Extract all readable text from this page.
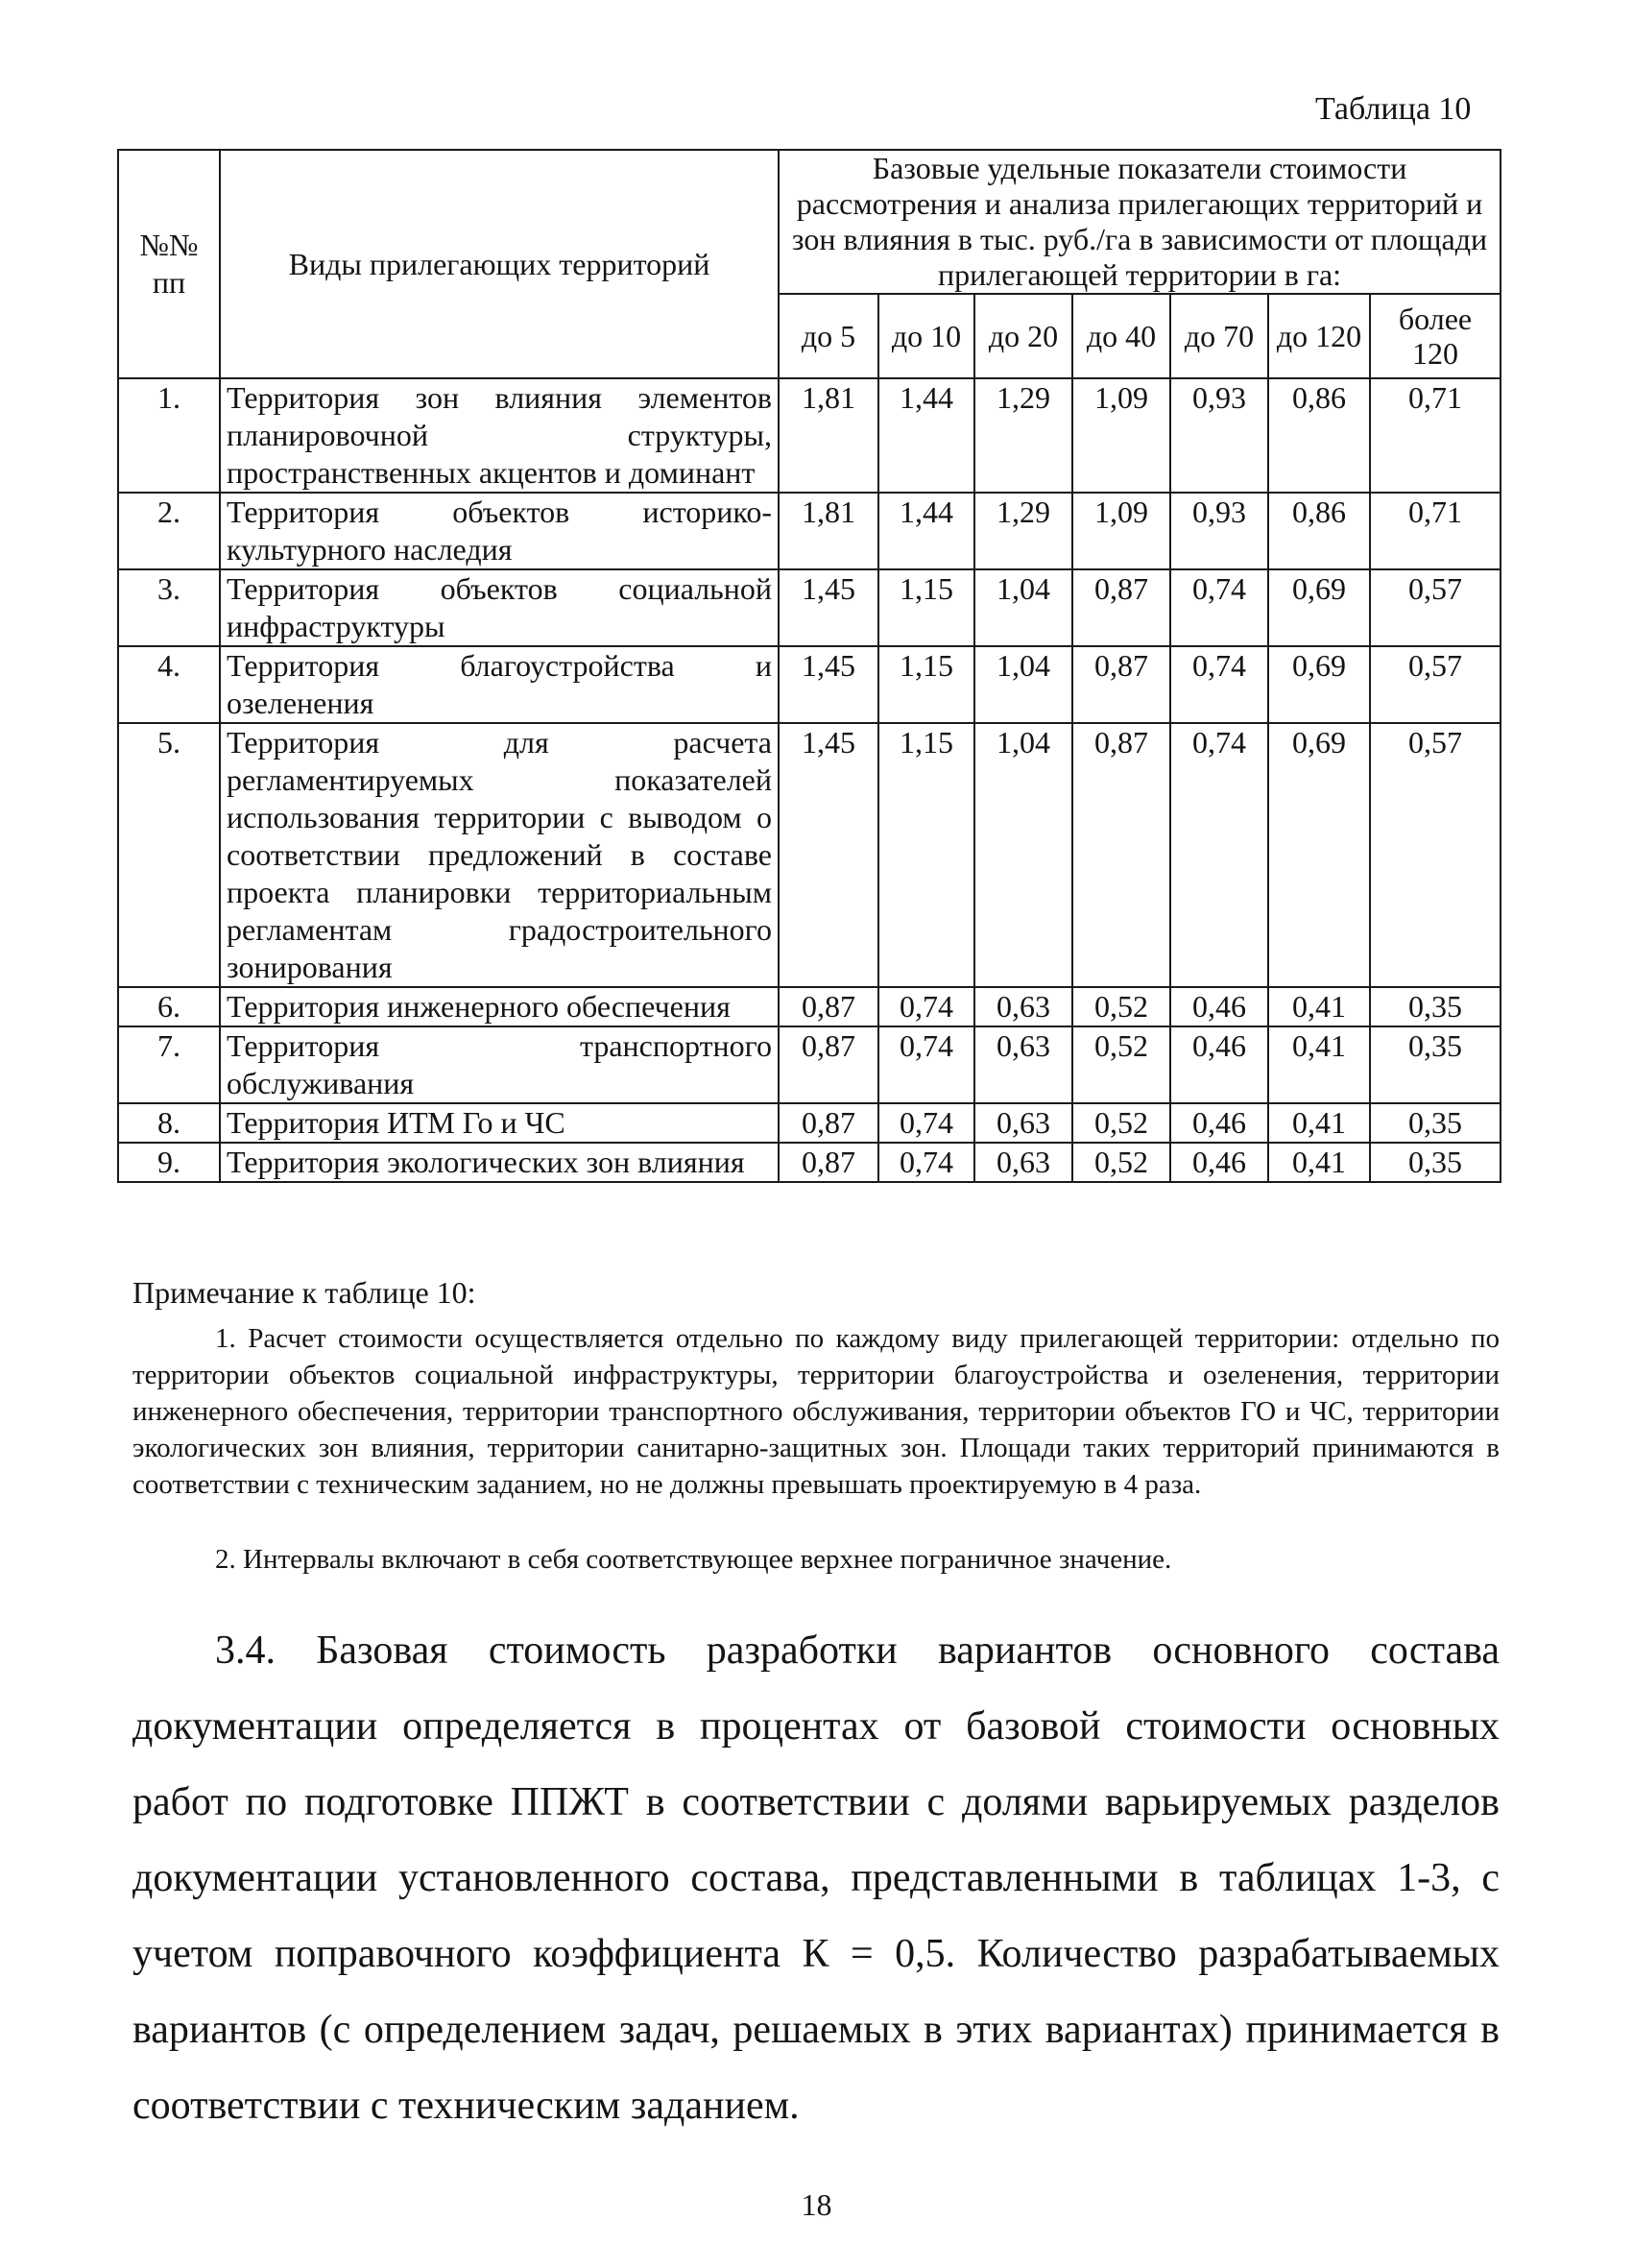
Таблица 10
№№ пп	Виды прилегающих территорий	Базовые удельные показатели стоимости рассмотрения и анализа прилегающих территорий и зон влияния в тыс. руб./га в зависимости от площади прилегающей территории в га:						
		до 5	до 10	до 20	до 40	до 70	до 120	более 120
1.	Территория зон влияния элементов планировочной структуры, пространственных акцентов и доминант	1,81	1,44	1,29	1,09	0,93	0,86	0,71
2.	Территория объектов историко-культурного наследия	1,81	1,44	1,29	1,09	0,93	0,86	0,71
3.	Территория объектов социальной инфраструктуры	1,45	1,15	1,04	0,87	0,74	0,69	0,57
4.	Территория благоустройства и озеленения	1,45	1,15	1,04	0,87	0,74	0,69	0,57
5.	Территория для расчета регламентируемых показателей использования территории с выводом о соответствии предложений в составе проекта планировки территориальным регламентам градостроительного зонирования	1,45	1,15	1,04	0,87	0,74	0,69	0,57
6.	Территория инженерного обеспечения	0,87	0,74	0,63	0,52	0,46	0,41	0,35
7.	Территория транспортного обслуживания	0,87	0,74	0,63	0,52	0,46	0,41	0,35
8.	Территория ИТМ Го и ЧС	0,87	0,74	0,63	0,52	0,46	0,41	0,35
9.	Территория экологических зон влияния	0,87	0,74	0,63	0,52	0,46	0,41	0,35
Примечание к таблице 10:
1. Расчет стоимости осуществляется отдельно по каждому виду прилегающей территории: отдельно по территории объектов социальной инфраструктуры, территории благоустройства и озеленения, территории инженерного обеспечения, территории транспортного обслуживания, территории объектов ГО и ЧС, территории экологических зон влияния, территории санитарно-защитных зон. Площади таких территорий принимаются в соответствии с техническим заданием, но не должны превышать проектируемую в 4 раза.
2. Интервалы включают в себя соответствующее верхнее пограничное значение.
3.4. Базовая стоимость разработки вариантов основного состава документации определяется в процентах от базовой стоимости основных работ по подготовке ППЖТ в соответствии с долями варьируемых разделов документации установленного состава, представленными в таблицах 1-3, с учетом поправочного коэффициента К = 0,5. Количество разрабатываемых вариантов (с определением задач, решаемых в этих вариантах) принимается в соответствии с техническим заданием.
18
